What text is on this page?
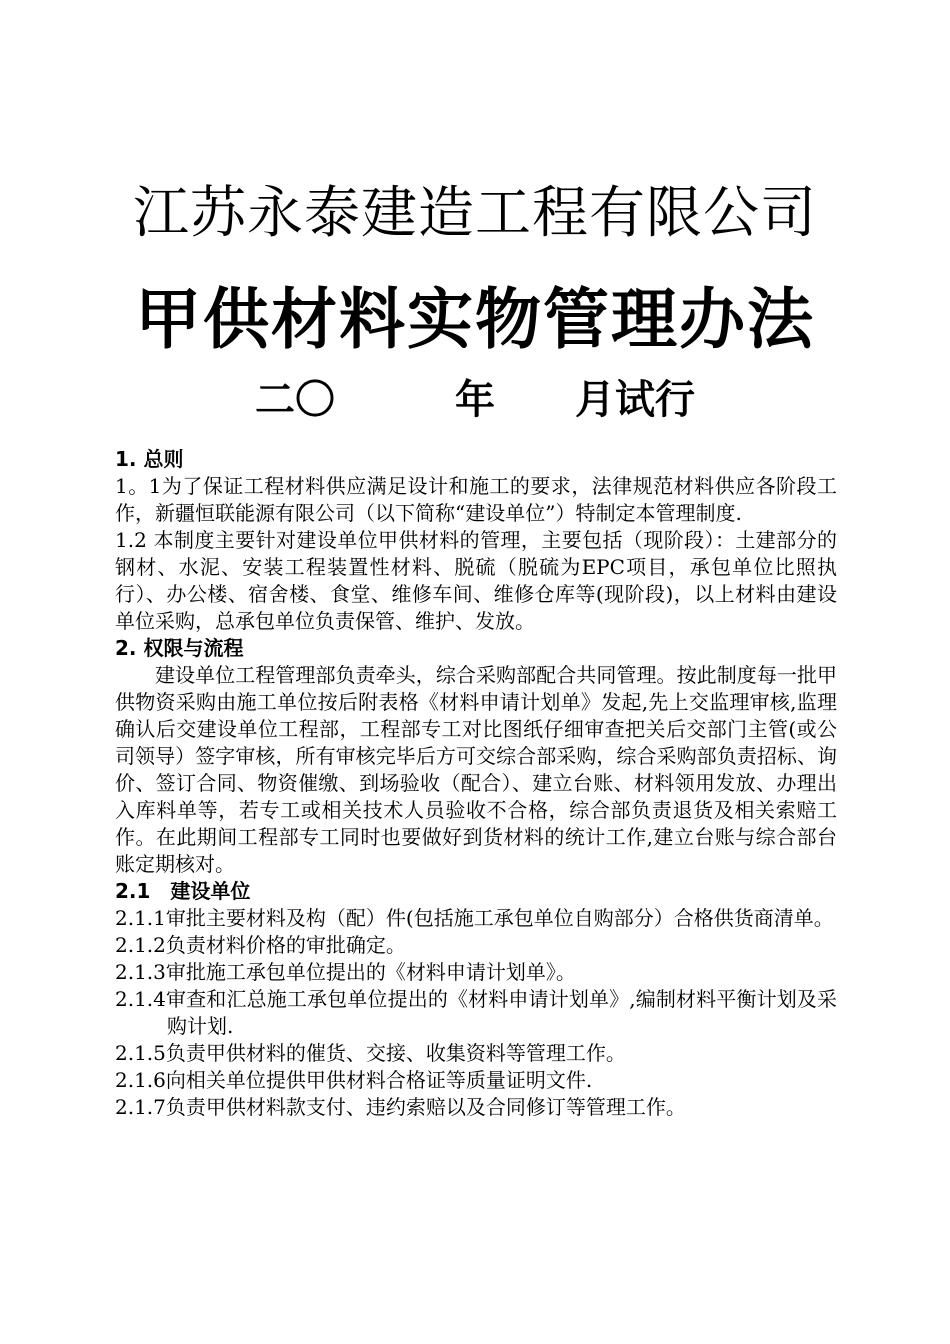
江苏永泰建造工程有限公司
甲供材料实物管理办法
二〇　　　年　　月试行

1. 总则

1。1为了保证工程材料供应满足设计和施工的要求，法律规范材料供应各阶段工作，新疆恒联能源有限公司（以下简称“建设单位”）特制定本管理制度.

1.2 本制度主要针对建设单位甲供材料的管理，主要包括（现阶段）：土建部分的钢材、水泥、安装工程装置性材料、脱硫（脱硫为EPC项目，承包单位比照执行）、办公楼、宿舍楼、食堂、维修车间、维修仓库等(现阶段)，以上材料由建设单位采购，总承包单位负责保管、维护、发放。

2. 权限与流程

建设单位工程管理部负责牵头，综合采购部配合共同管理。按此制度每一批甲供物资采购由施工单位按后附表格《材料申请计划单》发起,先上交监理审核,监理确认后交建设单位工程部，工程部专工对比图纸仔细审查把关后交部门主管(或公司领导）签字审核，所有审核完毕后方可交综合部采购，综合采购部负责招标、询价、签订合同、物资催缴、到场验收（配合）、建立台账、材料领用发放、办理出入库料单等，若专工或相关技术人员验收不合格，综合部负责退货及相关索赔工作。在此期间工程部专工同时也要做好到货材料的统计工作,建立台账与综合部台账定期核对。

2.1　建设单位

2.1.1审批主要材料及构（配）件(包括施工承包单位自购部分）合格供货商清单。

2.1.2负责材料价格的审批确定。

2.1.3审批施工承包单位提出的《材料申请计划单》。

2.1.4审查和汇总施工承包单位提出的《材料申请计划单》,编制材料平衡计划及采购计划.

2.1.5负责甲供材料的催货、交接、收集资料等管理工作。

2.1.6向相关单位提供甲供材料合格证等质量证明文件.

2.1.7负责甲供材料款支付、违约索赔以及合同修订等管理工作。
